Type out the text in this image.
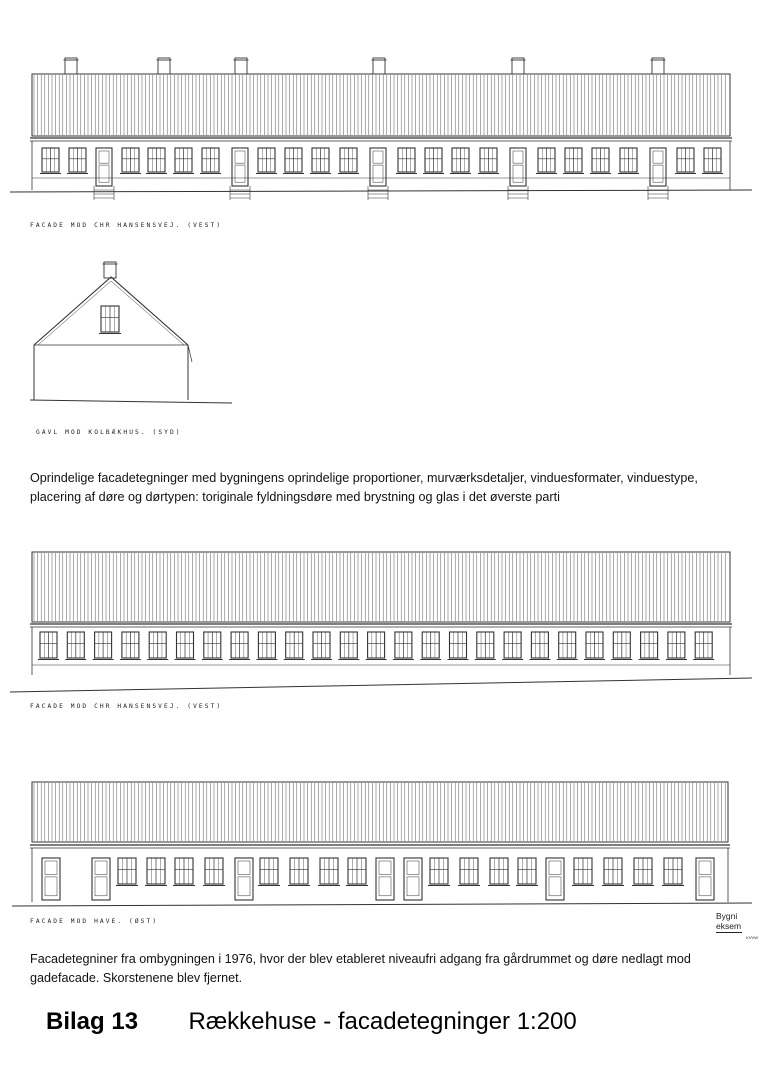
FACADE MOD CHR HANSENSVEJ. (VEST)
GAVL MOD KOLBÆKHUS. (SYD)

Oprindelige facadetegninger med bygningens oprindelige proportioner, murværksdetaljer, vinduesformater, vinduestype, placering af døre og dørtypen: toriginale fyldningsdøre med brystning og glas i det øverste parti

FACADE MOD CHR HANSENSVEJ. (VEST)
FACADE MOD HAVE. (ØST)
Bygni
eksem
KVVW

Facadetegniner fra ombygningen i 1976, hvor der blev etableret niveaufri adgang fra gårdrummet og døre nedlagt mod gadefacade. Skorstenene blev fjernet.

Bilag 13 Rækkehuse - facadetegninger 1:200
